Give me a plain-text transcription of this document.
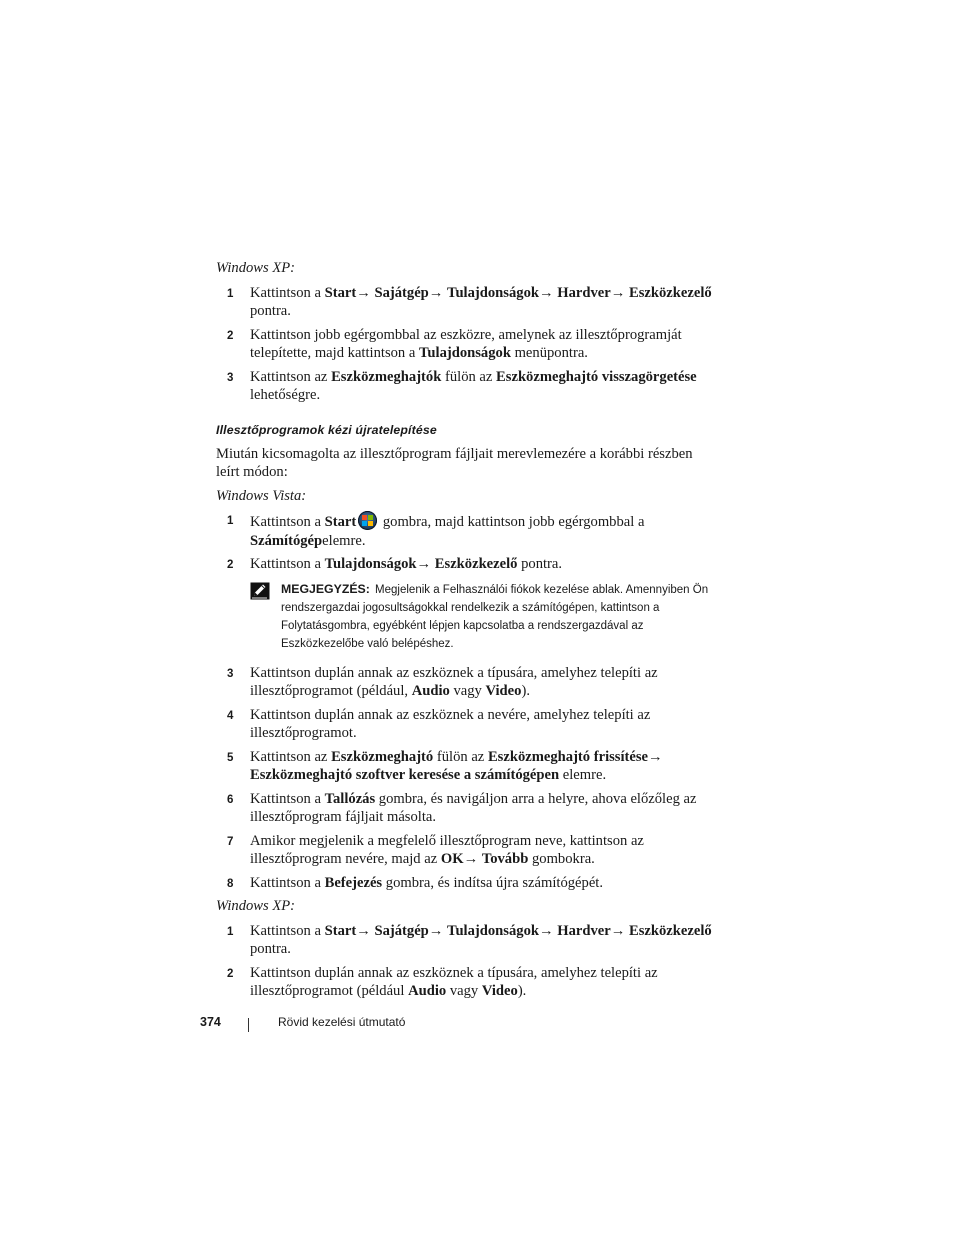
Windows XP:
1 Kattintson a Start→ Sajátgép→ Tulajdonságok→ Hardver→ Eszközkezelő pontra.
2 Kattintson jobb egérgombbal az eszközre, amelynek az illesztőprogramját telepítette, majd kattintson a Tulajdonságok menüpontra.
3 Kattintson az Eszközmeghajtók fülön az Eszközmeghajtó visszagörgetése lehetőségre.
Illesztőprogramok kézi újratelepítése
Miután kicsomagolta az illesztőprogram fájljait merevlemezére a korábbi részben leírt módon:
Windows Vista:
1 Kattintson a Start
gombra, majd kattintson jobb egérgombbal a Számítógépelemre.
2 Kattintson a Tulajdonságok→ Eszközkezelő pontra.
MEGJEGYZÉS: Megjelenik a Felhasználói fiókok kezelése ablak. Amennyiben Ön rendszergazdai jogosultságokkal rendelkezik a számítógépen, kattintson a Folytatásgombra, egyébként lépjen kapcsolatba a rendszergazdával az Eszközkezelőbe való belépéshez.
3 Kattintson duplán annak az eszköznek a típusára, amelyhez telepíti az illesztőprogramot (például, Audio vagy Video).
4 Kattintson duplán annak az eszköznek a nevére, amelyhez telepíti az illesztőprogramot.
5 Kattintson az Eszközmeghajtó fülön az Eszközmeghajtó frissítése→ Eszközmeghajtó szoftver keresése a számítógépen elemre.
6 Kattintson a Tallózás gombra, és navigáljon arra a helyre, ahova előzőleg az illesztőprogram fájljait másolta.
7 Amikor megjelenik a megfelelő illesztőprogram neve, kattintson az illesztőprogram nevére, majd az OK→ Tovább gombokra.
8 Kattintson a Befejezés gombra, és indítsa újra számítógépét.
Windows XP:
1 Kattintson a Start→ Sajátgép→ Tulajdonságok→ Hardver→ Eszközkezelő pontra.
2 Kattintson duplán annak az eszköznek a típusára, amelyhez telepíti az illesztőprogramot (például Audio vagy Video).
374	Rövid kezelési útmutató
